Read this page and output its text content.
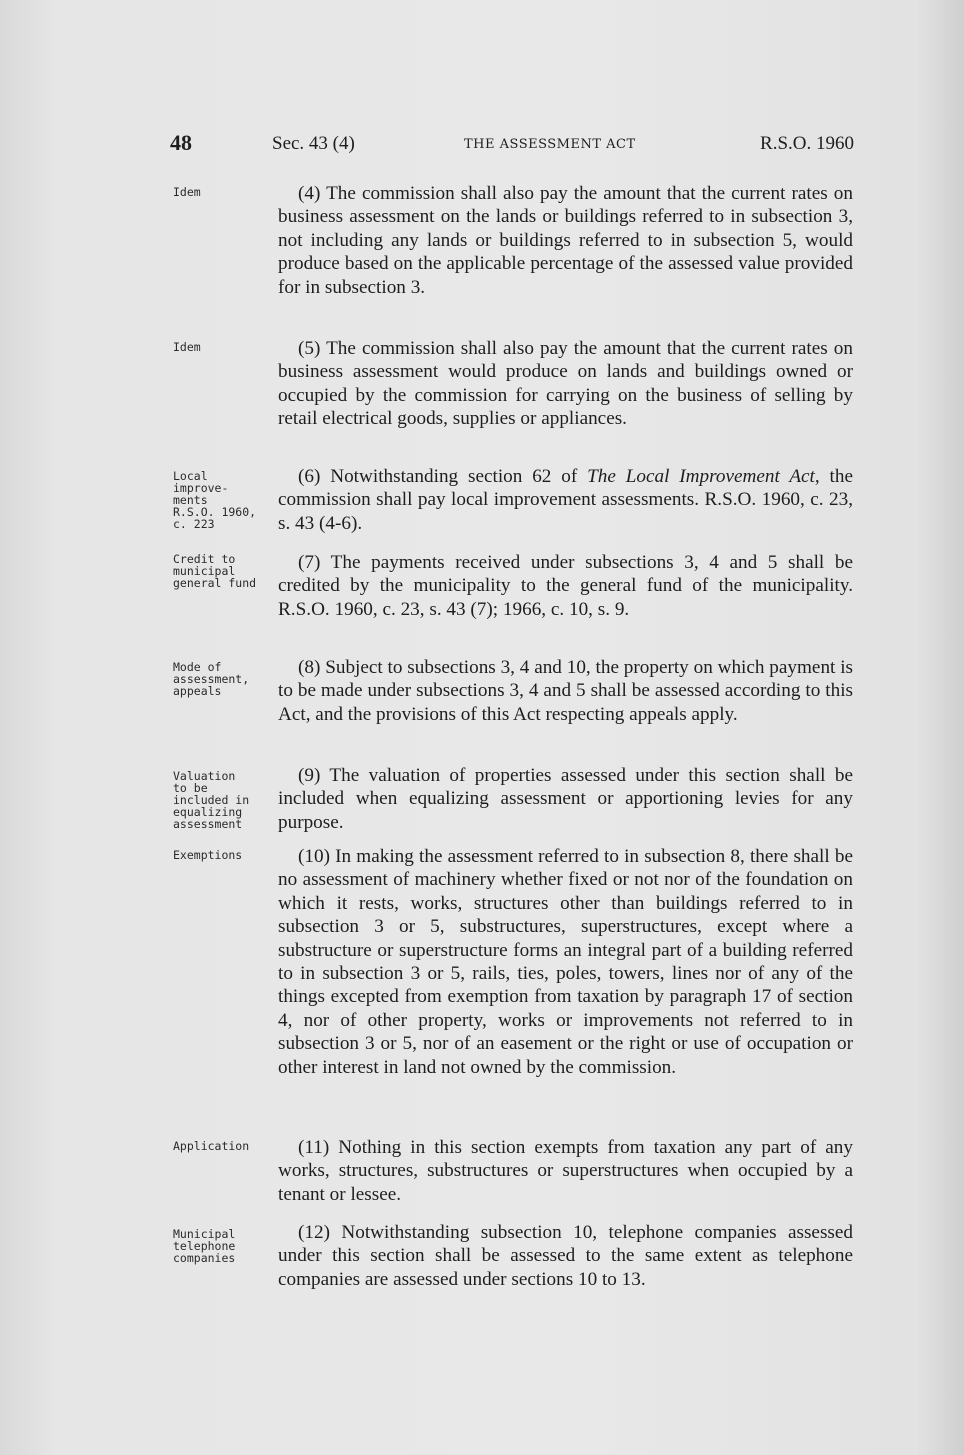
48	Sec. 43 (4)	THE ASSESSMENT ACT	R.S.O. 1960
Idem
Idem
Local
improve-
ments
R.S.O. 1960,
c. 223
Credit to
municipal
general fund
Mode of
assessment,
appeals
Valuation
to be
included in
equalizing
assessment
Exemptions
Application
Municipal
telephone
companies
(4) The commission shall also pay the amount that the current rates on business assessment on the lands or buildings referred to in subsection 3, not including any lands or buildings referred to in subsection 5, would produce based on the applicable percentage of the assessed value provided for in subsection 3.
(5) The commission shall also pay the amount that the current rates on business assessment would produce on lands and buildings owned or occupied by the commission for carrying on the business of selling by retail electrical goods, supplies or appliances.
(6) Notwithstanding section 62 of The Local Improvement Act, the commission shall pay local improvement assessments. R.S.O. 1960, c. 23, s. 43 (4-6).
(7) The payments received under subsections 3, 4 and 5 shall be credited by the municipality to the general fund of the municipality. R.S.O. 1960, c. 23, s. 43 (7); 1966, c. 10, s. 9.
(8) Subject to subsections 3, 4 and 10, the property on which payment is to be made under subsections 3, 4 and 5 shall be assessed according to this Act, and the provisions of this Act respecting appeals apply.
(9) The valuation of properties assessed under this section shall be included when equalizing assessment or apportioning levies for any purpose.
(10) In making the assessment referred to in subsection 8, there shall be no assessment of machinery whether fixed or not nor of the foundation on which it rests, works, structures other than buildings referred to in subsection 3 or 5, substructures, superstructures, except where a substructure or superstructure forms an integral part of a building referred to in subsection 3 or 5, rails, ties, poles, towers, lines nor of any of the things excepted from exemption from taxation by paragraph 17 of section 4, nor of other property, works or improvements not referred to in subsection 3 or 5, nor of an easement or the right or use of occupation or other interest in land not owned by the commission.
(11) Nothing in this section exempts from taxation any part of any works, structures, substructures or superstructures when occupied by a tenant or lessee.
(12) Notwithstanding subsection 10, telephone companies assessed under this section shall be assessed to the same extent as telephone companies are assessed under sections 10 to 13.
